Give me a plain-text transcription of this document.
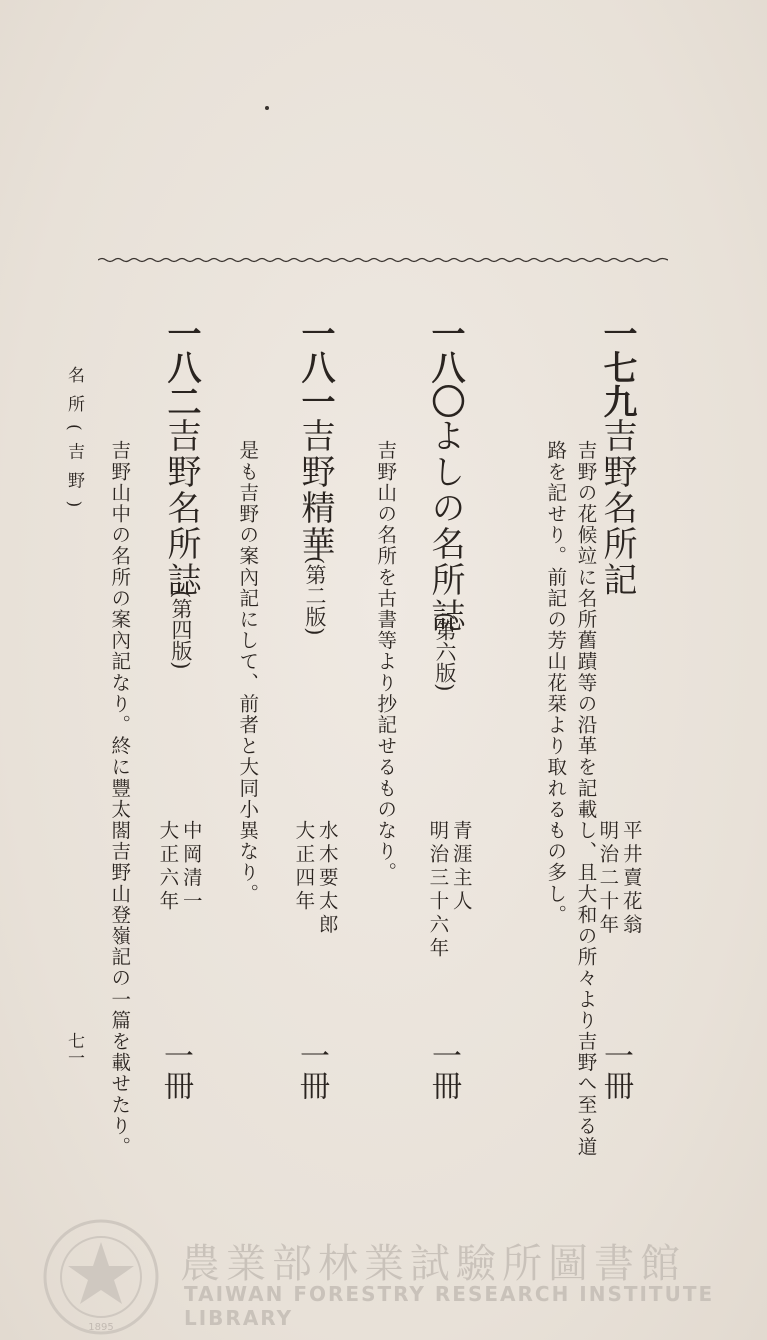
一七九
吉野名所記
吉野の花候竝に名所舊蹟等の沿革を記載し、且大和の所々より吉野へ至る道
路を記せり。前記の芳山花栞より取れるもの多し。	平井賣花翁
明治二十年
一冊
一八〇
よしの名所誌
(第六版)
吉野山の名所を古書等より抄記せるものなり。	青涯主人
明治三十六年
一冊
一八一
吉野精華
(第二版)
是も吉野の案內記にして、前者と大同小異なり。	水木要太郎
大正四年
一冊
一八二
吉野名所誌
(第四版)
吉野山中の名所の案內記なり。終に豐太閤吉野山登嶺記の一篇を載せたり。	中岡清一
大正六年
一冊
名所(吉野)
七一
1895
農業部林業試驗所圖書館
TAIWAN FORESTRY RESEARCH INSTITUTE LIBRARY
